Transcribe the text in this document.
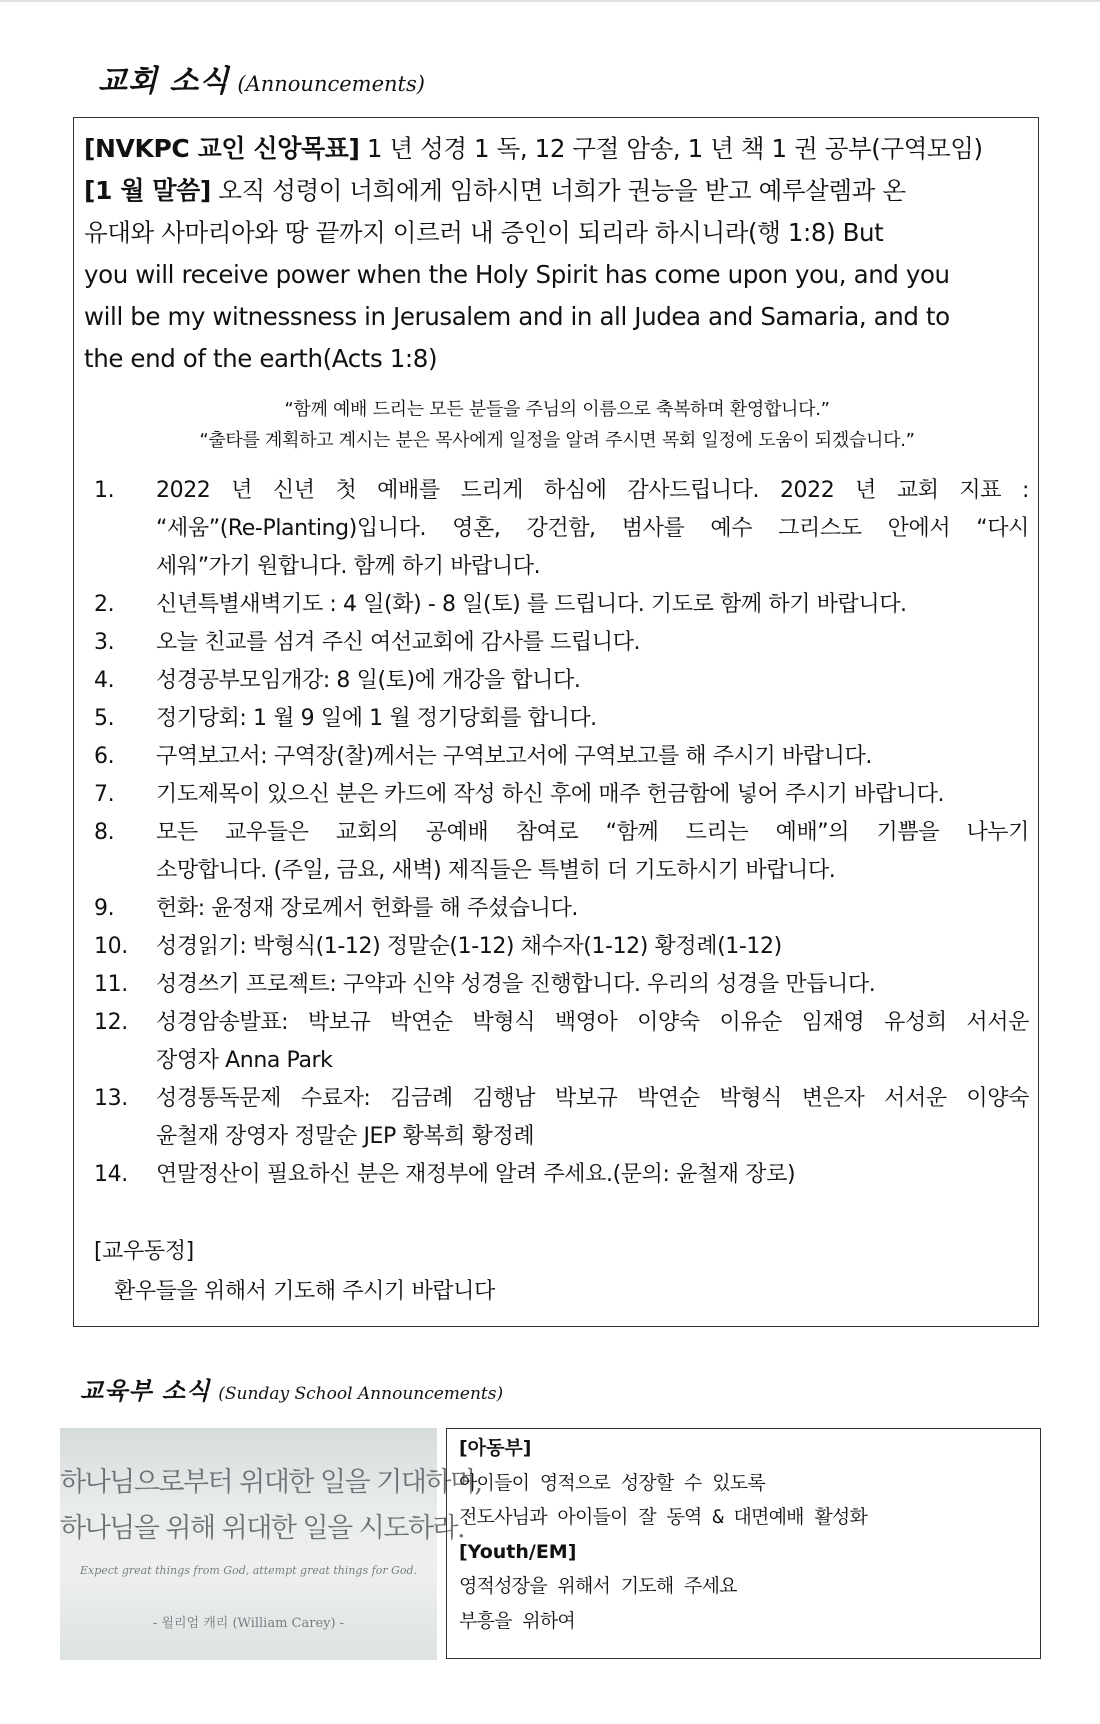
교회 소식 (Announcements)
[NVKPC 교인 신앙목표] 1 년 성경 1 독, 12 구절 암송, 1 년 책 1 권 공부(구역모임)
[1 월 말씀] 오직 성령이 너희에게 임하시면 너희가 권능을 받고 예루살렘과 온
유대와 사마리아와 땅 끝까지 이르러 내 증인이 되리라 하시니라(행 1:8) But
you will receive power when the Holy Spirit has come upon you, and you
will be my witnessness in Jerusalem and in all Judea and Samaria, and to
the end of the earth(Acts 1:8)
“함께 예배 드리는 모든 분들을 주님의 이름으로 축복하며 환영합니다.”
“출타를 계획하고 계시는 분은 목사에게 일정을 알려 주시면 목회 일정에 도움이 되겠습니다.”
1.	2022 년 신년 첫 예배를 드리게 하심에 감사드립니다. 2022 년 교회 지표 :
“세움”(Re-Planting)입니다. 영혼, 강건함, 범사를 예수 그리스도 안에서 “다시
세워”가기 원합니다. 함께 하기 바랍니다.
2.	신년특별새벽기도 : 4 일(화) - 8 일(토) 를 드립니다. 기도로 함께 하기 바랍니다.
3.	오늘 친교를 섬겨 주신 여선교회에 감사를 드립니다.
4.	성경공부모임개강: 8 일(토)에 개강을 합니다.
5.	정기당회: 1 월 9 일에 1 월 정기당회를 합니다.
6.	구역보고서: 구역장(찰)께서는 구역보고서에 구역보고를 해 주시기 바랍니다.
7.	기도제목이 있으신 분은 카드에 작성 하신 후에 매주 헌금함에 넣어 주시기 바랍니다.
8.	모든 교우들은 교회의 공예배 참여로 “함께 드리는 예배”의 기쁨을 나누기
소망합니다. (주일, 금요, 새벽) 제직들은 특별히 더 기도하시기 바랍니다.
9.	헌화: 윤정재 장로께서 헌화를 해 주셨습니다.
10.	성경읽기: 박형식(1-12) 정말순(1-12) 채수자(1-12) 황정례(1-12)
11.	성경쓰기 프로젝트: 구약과 신약 성경을 진행합니다. 우리의 성경을 만듭니다.
12.	성경암송발표: 박보규 박연순 박형식 백영아 이양숙 이유순 임재영 유성희 서서운
장영자 Anna Park
13.	성경통독문제 수료자: 김금례 김행남 박보규 박연순 박형식 변은자 서서운 이양숙
윤철재 장영자 정말순 JEP 황복희 황정례
14.	연말정산이 필요하신 분은 재정부에 알려 주세요.(문의: 윤철재 장로)
[교우동정]
환우들을 위해서 기도해 주시기 바랍니다
교육부 소식 (Sunday School Announcements)
하나님으로부터 위대한 일을 기대하며,
하나님을 위해 위대한 일을 시도하라.
Expect great things from God, attempt great things for God.
- 윌리엄 캐리 (William Carey) -
[아동부]
아이들이 영적으로 성장할 수 있도록
전도사님과 아이들이 잘 동역 & 대면예배 활성화
[Youth/EM]
영적성장을 위해서 기도해 주세요
부흥을 위하여
